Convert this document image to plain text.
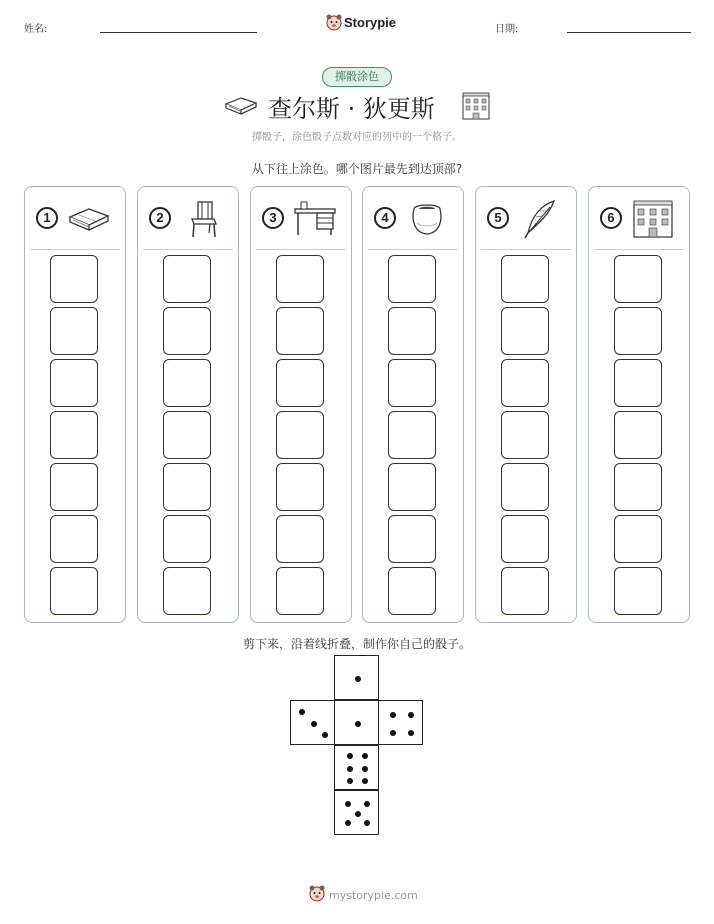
姓名:	Storypie	日期:
掷骰涂色
查尔斯 · 狄更斯
掷骰子，涂色骰子点数对应的列中的一个格子。
从下往上涂色。哪个图片最先到达顶部?
1	2	3	4	5	6
剪下来，沿着线折叠，制作你自己的骰子。
mystorypie.com
